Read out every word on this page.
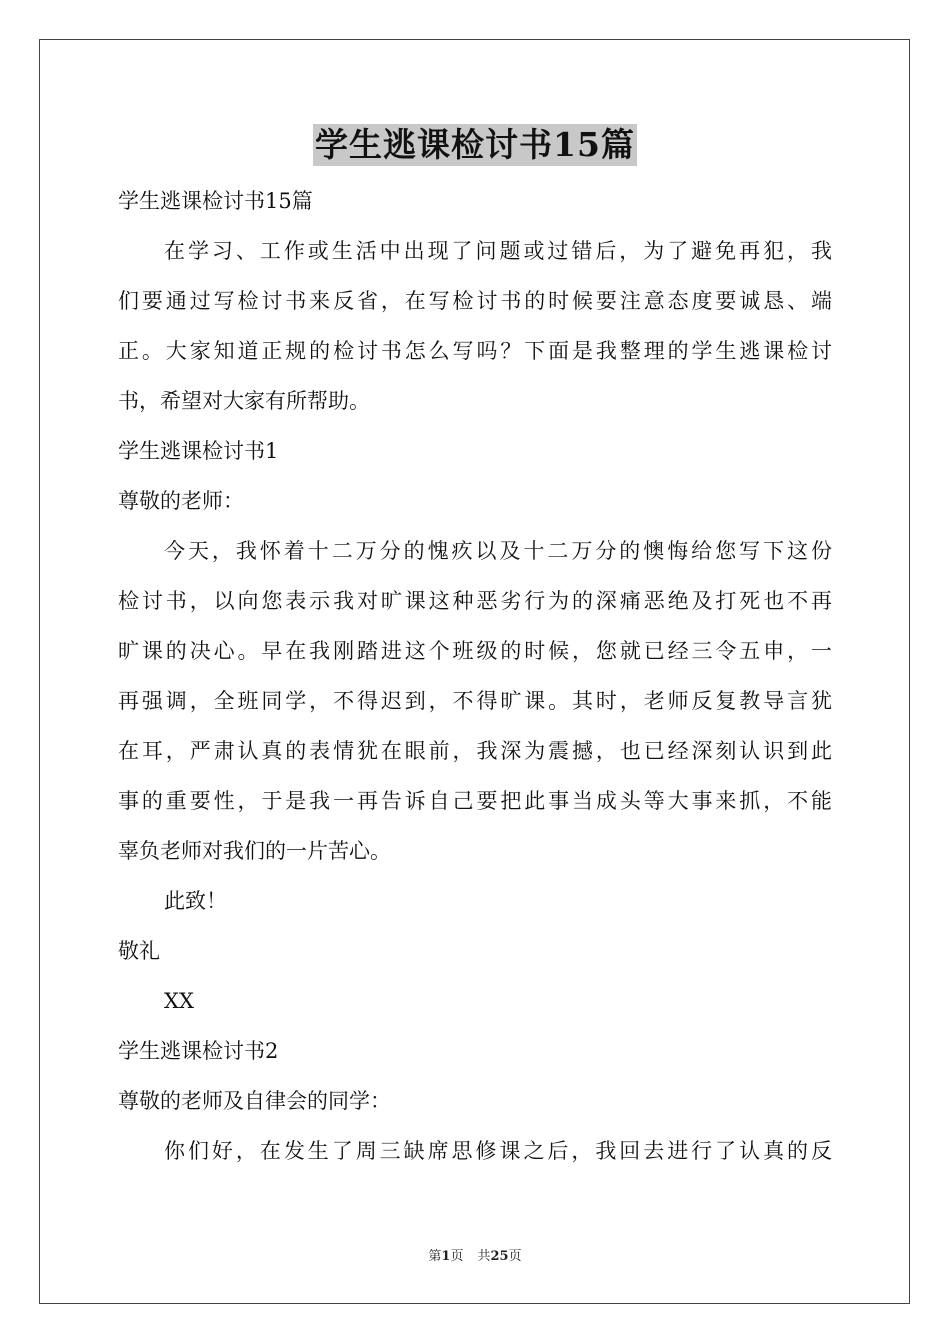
学生逃课检讨书15篇
学生逃课检讨书15篇
在学习、工作或生活中出现了问题或过错后，为了避免再犯，我
们要通过写检讨书来反省，在写检讨书的时候要注意态度要诚恳、端
正。大家知道正规的检讨书怎么写吗？下面是我整理的学生逃课检讨
书，希望对大家有所帮助。
学生逃课检讨书1
尊敬的老师：
今天，我怀着十二万分的愧疚以及十二万分的懊悔给您写下这份
检讨书，以向您表示我对旷课这种恶劣行为的深痛恶绝及打死也不再
旷课的决心。早在我刚踏进这个班级的时候，您就已经三令五申，一
再强调，全班同学，不得迟到，不得旷课。其时，老师反复教导言犹
在耳，严肃认真的表情犹在眼前，我深为震撼，也已经深刻认识到此
事的重要性，于是我一再告诉自己要把此事当成头等大事来抓，不能
辜负老师对我们的一片苦心。
此致！
敬礼
XX
学生逃课检讨书2
尊敬的老师及自律会的同学：
你们好，在发生了周三缺席思修课之后，我回去进行了认真的反
第1页 共25页
